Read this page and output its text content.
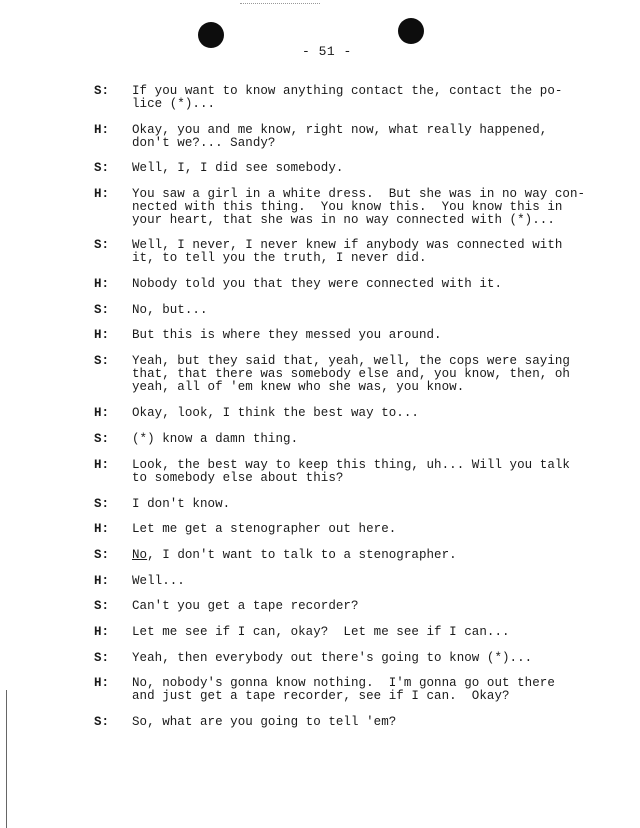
- 51 -
S: If you want to know anything contact the, contact the po-
lice (*)...
H: Okay, you and me know, right now, what really happened,
don't we?... Sandy?
S: Well, I, I did see somebody.
H: You saw a girl in a white dress.  But she was in no way con-
nected with this thing.  You know this.  You know this in
your heart, that she was in no way connected with (*)...
S: Well, I never, I never knew if anybody was connected with
it, to tell you the truth, I never did.
H: Nobody told you that they were connected with it.
S: No, but...
H: But this is where they messed you around.
S: Yeah, but they said that, yeah, well, the cops were saying
that, that there was somebody else and, you know, then, oh
yeah, all of 'em knew who she was, you know.
H: Okay, look, I think the best way to...
S: (*) know a damn thing.
H: Look, the best way to keep this thing, uh... Will you talk
to somebody else about this?
S: I don't know.
H: Let me get a stenographer out here.
S: No, I don't want to talk to a stenographer.
H: Well...
S: Can't you get a tape recorder?
H: Let me see if I can, okay?  Let me see if I can...
S: Yeah, then everybody out there's going to know (*)...
H: No, nobody's gonna know nothing.  I'm gonna go out there
and just get a tape recorder, see if I can.  Okay?
S: So, what are you going to tell 'em?
